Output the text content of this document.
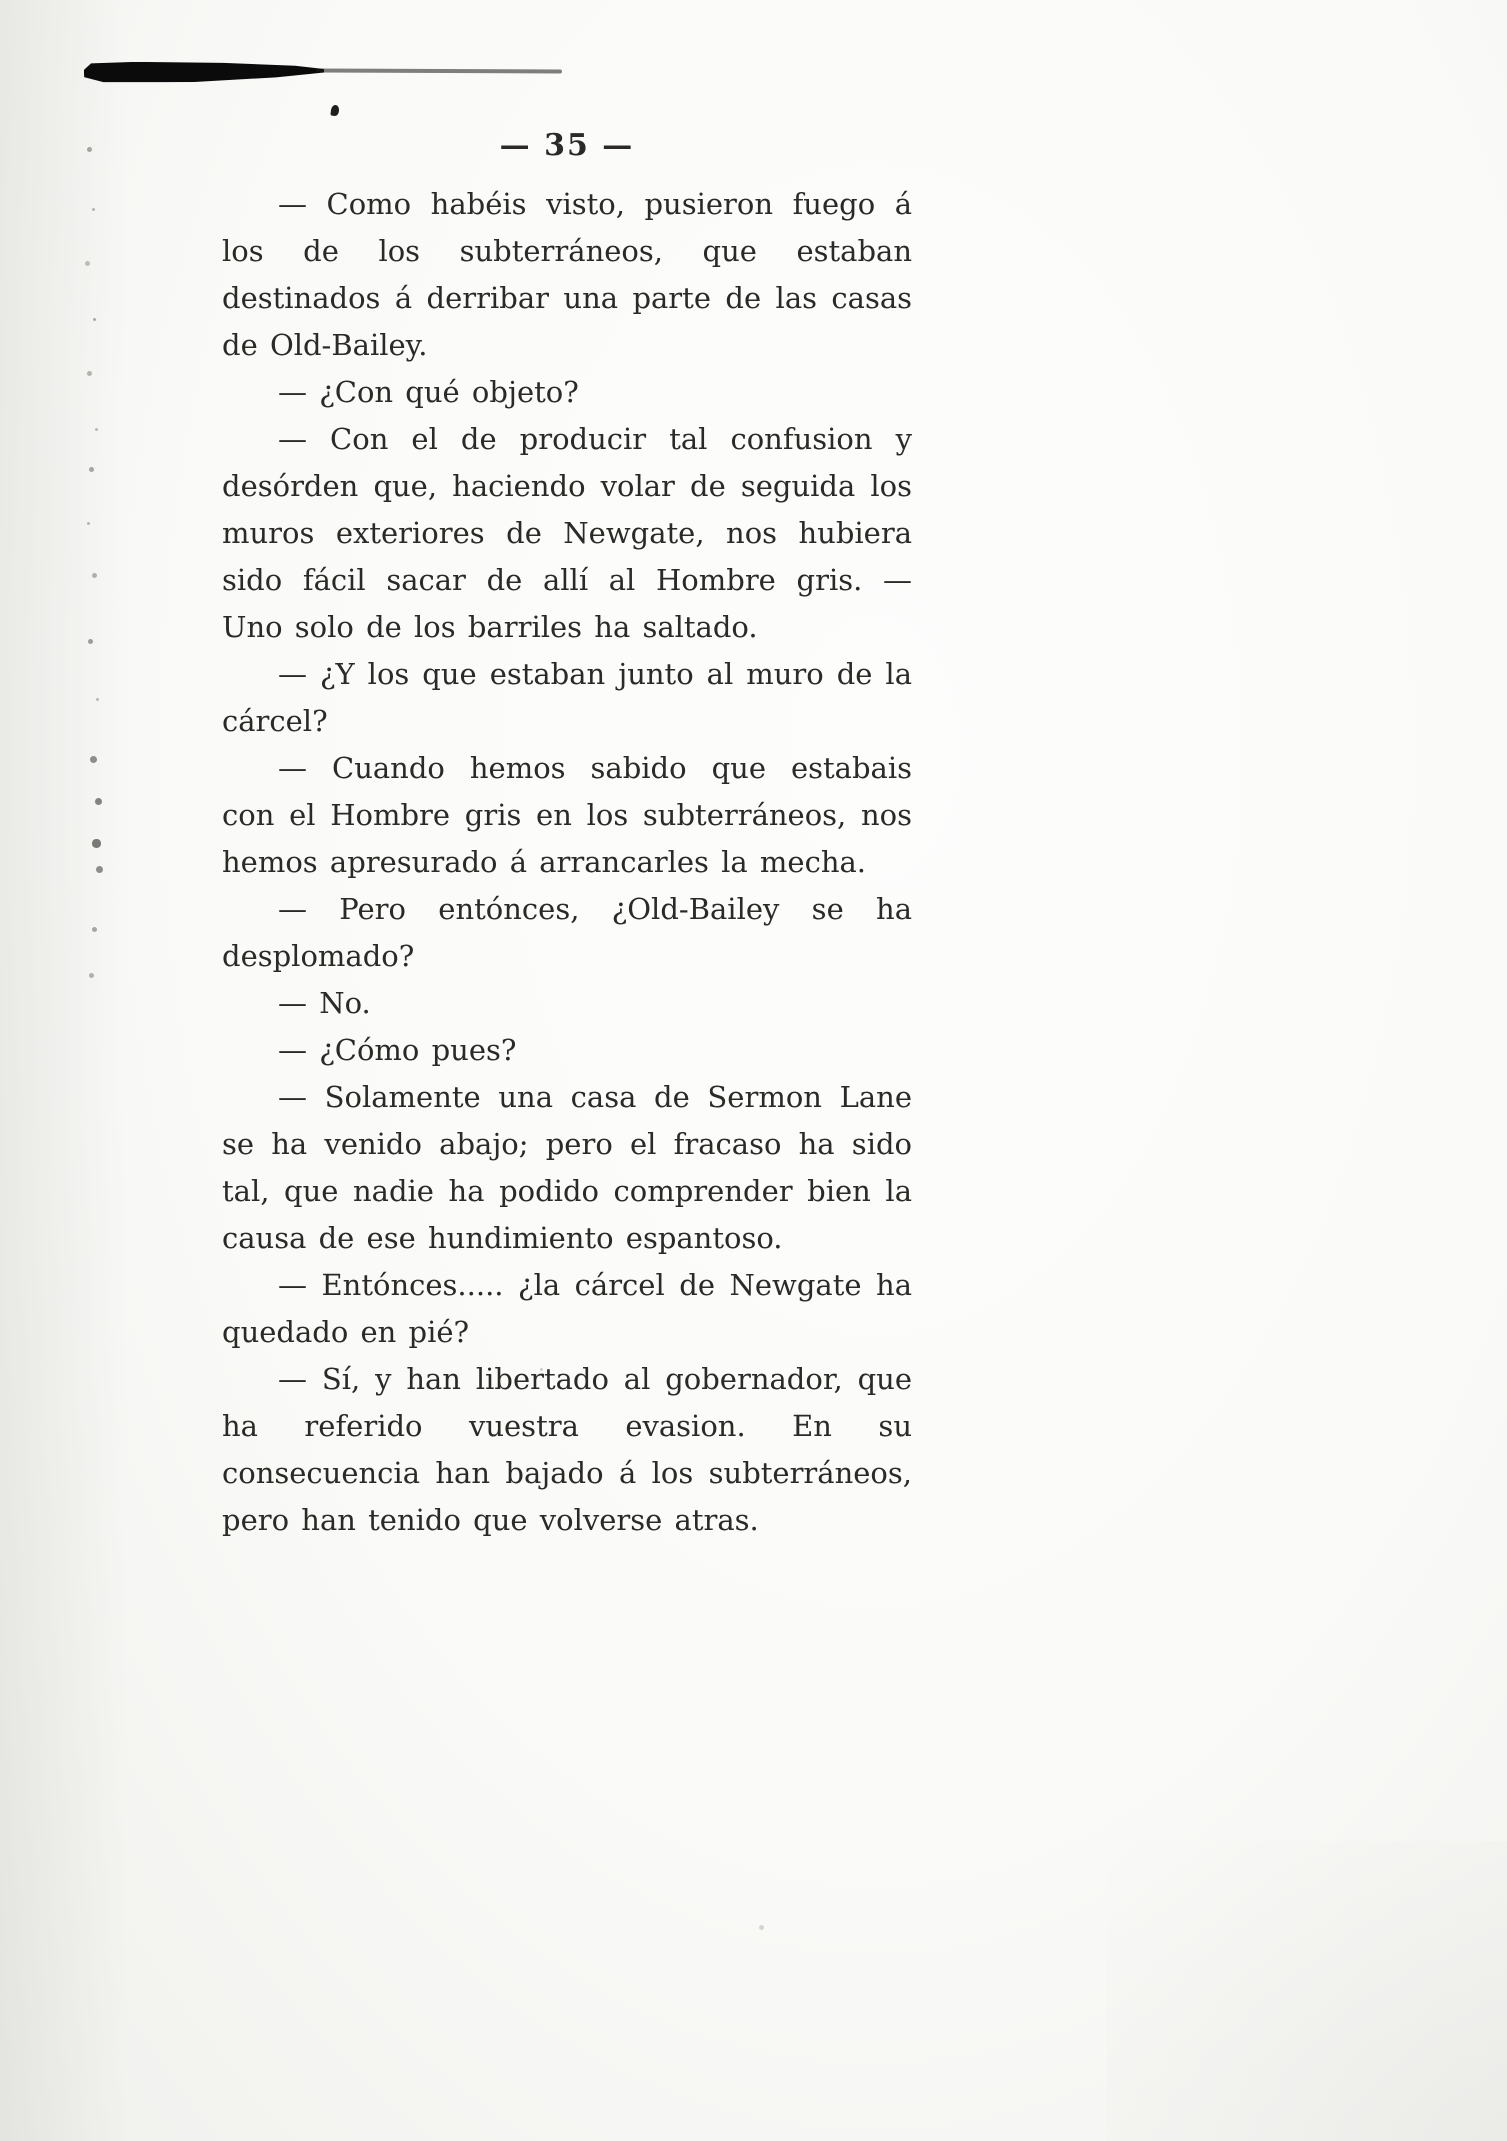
— 35 —

— Como habéis visto, pusieron fuego á los de los subterráneos, que estaban destinados á derribar una parte de las casas de Old-Bailey.

— ¿Con qué objeto?

— Con el de producir tal confusion y desórden que, haciendo volar de seguida los muros exteriores de Newgate, nos hubiera sido fácil sacar de allí al Hombre gris. — Uno solo de los barriles ha saltado.

— ¿Y los que estaban junto al muro de la cárcel?

— Cuando hemos sabido que estabais con el Hombre gris en los subterráneos, nos hemos apresurado á arrancarles la mecha.

— Pero entónces, ¿Old-Bailey se ha desplomado?

— No.

— ¿Cómo pues?

— Solamente una casa de Sermon Lane se ha venido abajo; pero el fracaso ha sido tal, que nadie ha podido comprender bien la causa de ese hundimiento espantoso.

— Entónces..... ¿la cárcel de Newgate ha quedado en pié?

— Sí, y han libertado al gobernador, que ha referido vuestra evasion. En su consecuencia han bajado á los subterráneos, pero han tenido que volverse atras.
